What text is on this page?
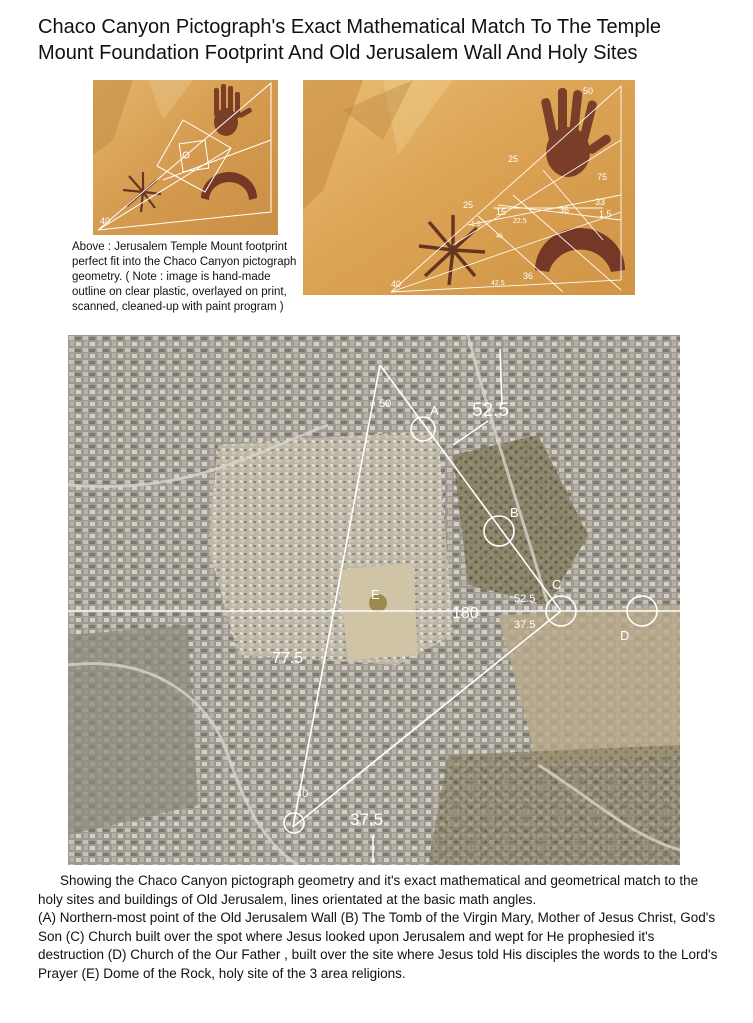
Chaco Canyon Pictograph's Exact Mathematical Match To The Temple
Mount Foundation Footprint And Old Jerusalem Wall And Holy Sites
40
50
25
75
33
1.5
25
15
1.5	22.5
36
45
40	42.5
36
Above : Jerusalem Temple Mount footprint perfect fit into the Chaco Canyon pictograph geometry. ( Note : image is hand-made outline on clear plastic, overlayed on print, scanned, cleaned-up with paint program )
A
B
C
D
E
50	52.5
180
52.5
37.5
77.5
40
37.5

Showing the Chaco Canyon pictograph geometry and it's exact mathematical and geometrical match to the holy sites and buildings of Old Jerusalem, lines orientated at the basic math angles.

(A) Northern-most point of the Old Jerusalem Wall (B) The Tomb of the Virgin Mary, Mother of Jesus Christ, God's Son (C) Church built over the spot where Jesus looked upon Jerusalem and wept for He prophesied it's destruction (D) Church of the Our Father , built over the site where Jesus told His disciples the words to the Lord's Prayer (E) Dome of the Rock, holy site of the 3 area religions.
